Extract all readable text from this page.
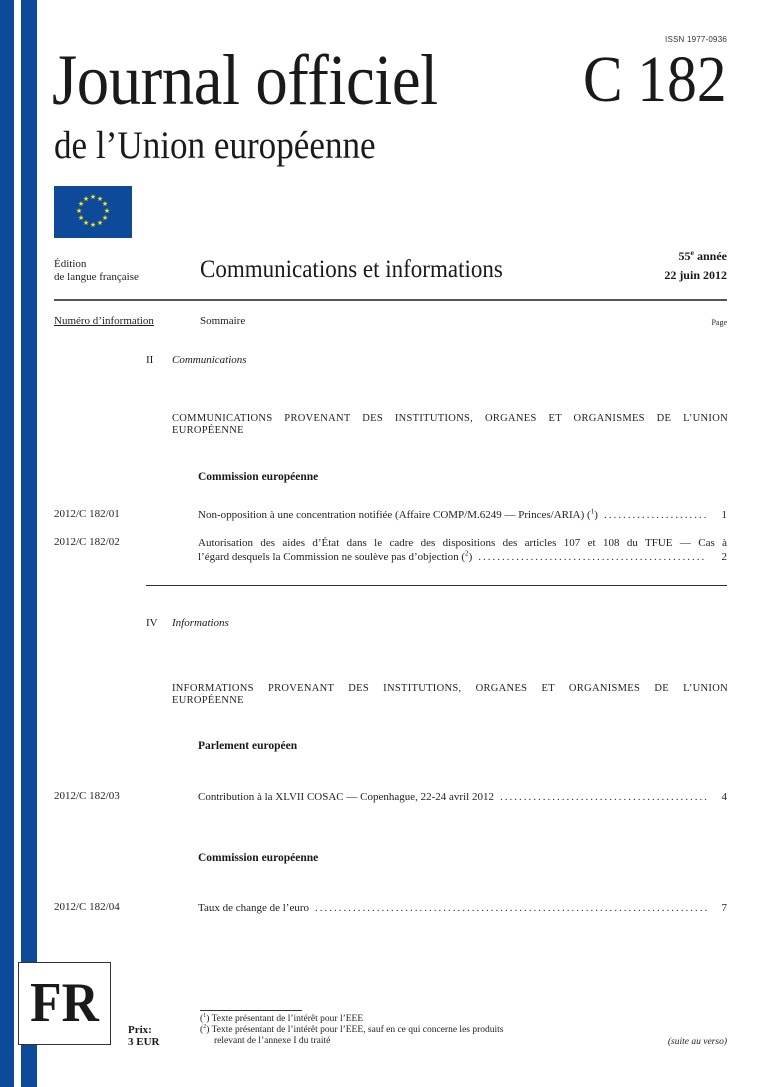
ISSN 1977-0936
Journal officiel C 182
de l’Union européenne
★ ★
★
★
★
★
★
★
★
★
★
★
Édition
de langue française Communications et informations	55e année
22 juin 2012
Numéro d’information	Sommaire	Page
II Communications
COMMUNICATIONS PROVENANT DES INSTITUTIONS, ORGANES ET ORGANISMES DE L’UNION
EUROPÉENNE
Commission européenne
2012/C 182/01	Non-opposition à une concentration notifiée (Affaire COMP/M.6249 — Princes/ARIA) ($^1$) .....	1
2012/C 182/02	Autorisation des aides d’État dans le cadre des dispositions des articles 107 et 108 du TFUE — Cas à
l’égard desquels la Commission ne soulève pas d’objection ($^2$) .....	2
IV Informations
INFORMATIONS PROVENANT DES INSTITUTIONS, ORGANES ET ORGANISMES DE L’UNION
EUROPÉENNE
Parlement européen
2012/C 182/03	Contribution à la XLVII COSAC — Copenhague, 22-24 avril 2012 .....	4
Commission européenne
2012/C 182/04	Taux de change de l’euro .....	7
FR	Prix:
3 EUR
($^1$) Texte présentant de l’intérêt pour l’EEE
($^2$) Texte présentant de l’intérêt pour l’EEE, sauf en ce qui concerne les produits
relevant de l’annexe I du traité	(suite au verso)
